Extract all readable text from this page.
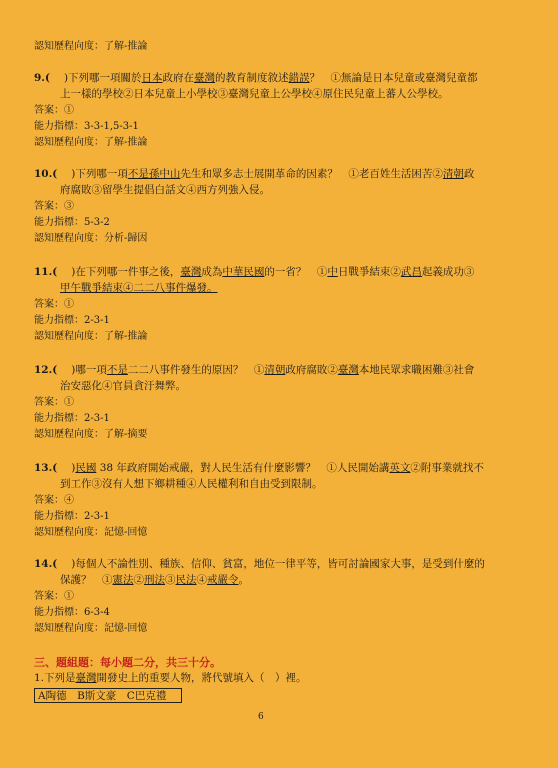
認知歷程向度：了解-推論
9.( )下列哪一項關於日本政府在臺灣的教育制度敘述錯誤？　①無論是日本兒童或臺灣兒童都
上一樣的學校②日本兒童上小學校③臺灣兒童上公學校④原住民兒童上蕃人公學校。
答案：①
能力指標：3-3-1,5-3-1
認知歷程向度：了解-推論
10.( )下列哪一項不是孫中山先生和眾多志士展開革命的因素？　①老百姓生活困苦②清朝政
府腐敗③留學生提倡白話文④西方列強入侵。
答案：③
能力指標：5-3-2
認知歷程向度：分析-歸因
11.( )在下列哪一件事之後，臺灣成為中華民國的一省？　①中日戰爭結束②武昌起義成功③
甲午戰爭結束④二二八事件爆發。
答案：①
能力指標：2-3-1
認知歷程向度：了解-推論
12.( )哪一項不是二二八事件發生的原因？　①清朝政府腐敗②臺灣本地民眾求職困難③社會
治安惡化④官員貪汙舞弊。
答案：①
能力指標：2-3-1
認知歷程向度：了解-摘要
13.( )民國 38 年政府開始戒嚴，對人民生活有什麼影響？　①人民開始講英文②附事業就找不
到工作③沒有人想下鄉耕種④人民權利和自由受到限制。
答案：④
能力指標：2-3-1
認知歷程向度：記憶-回憶
14.( )每個人不論性別、種族、信仰、貧富，地位一律平等，皆可討論國家大事，是受到什麼的
保護？　①憲法②刑法③民法④戒嚴令。
答案：①
能力指標：6-3-4
認知歷程向度：記憶-回憶
三、題組題：每小題二分，共三十分。
1.下列是臺灣開發史上的重要人物，將代號填入（　）裡。
A陶德　B斯文豪　C巴克禮
6
